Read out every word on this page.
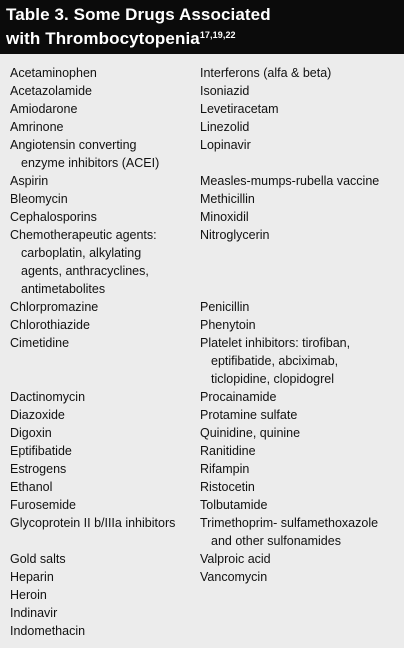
Table 3. Some Drugs Associated
with Thrombocytopenia$^{17,19,22}$
Acetaminophen
Acetazolamide
Amiodarone
Amrinone
Angiotensin converting
enzyme inhibitors (ACEI)
Aspirin
Bleomycin
Cephalosporins
Chemotherapeutic agents:
carboplatin, alkylating
agents, anthracyclines,
antimetabolites
Chlorpromazine
Chlorothiazide
Cimetidine
Dactinomycin
Diazoxide
Digoxin
Eptifibatide
Estrogens
Ethanol
Furosemide
Glycoprotein II b/IIIa inhibitors
Gold salts
Heparin
Heroin
Indinavir
Indomethacin
Interferons (alfa & beta)
Isoniazid
Levetiracetam
Linezolid
Lopinavir
Measles-mumps-rubella vaccine
Methicillin
Minoxidil
Nitroglycerin
Penicillin
Phenytoin
Platelet inhibitors: tirofiban,
eptifibatide, abciximab,
ticlopidine, clopidogrel
Procainamide
Protamine sulfate
Quinidine, quinine
Ranitidine
Rifampin
Ristocetin
Tolbutamide
Trimethoprim- sulfamethoxazole
and other sulfonamides
Valproic acid
Vancomycin
